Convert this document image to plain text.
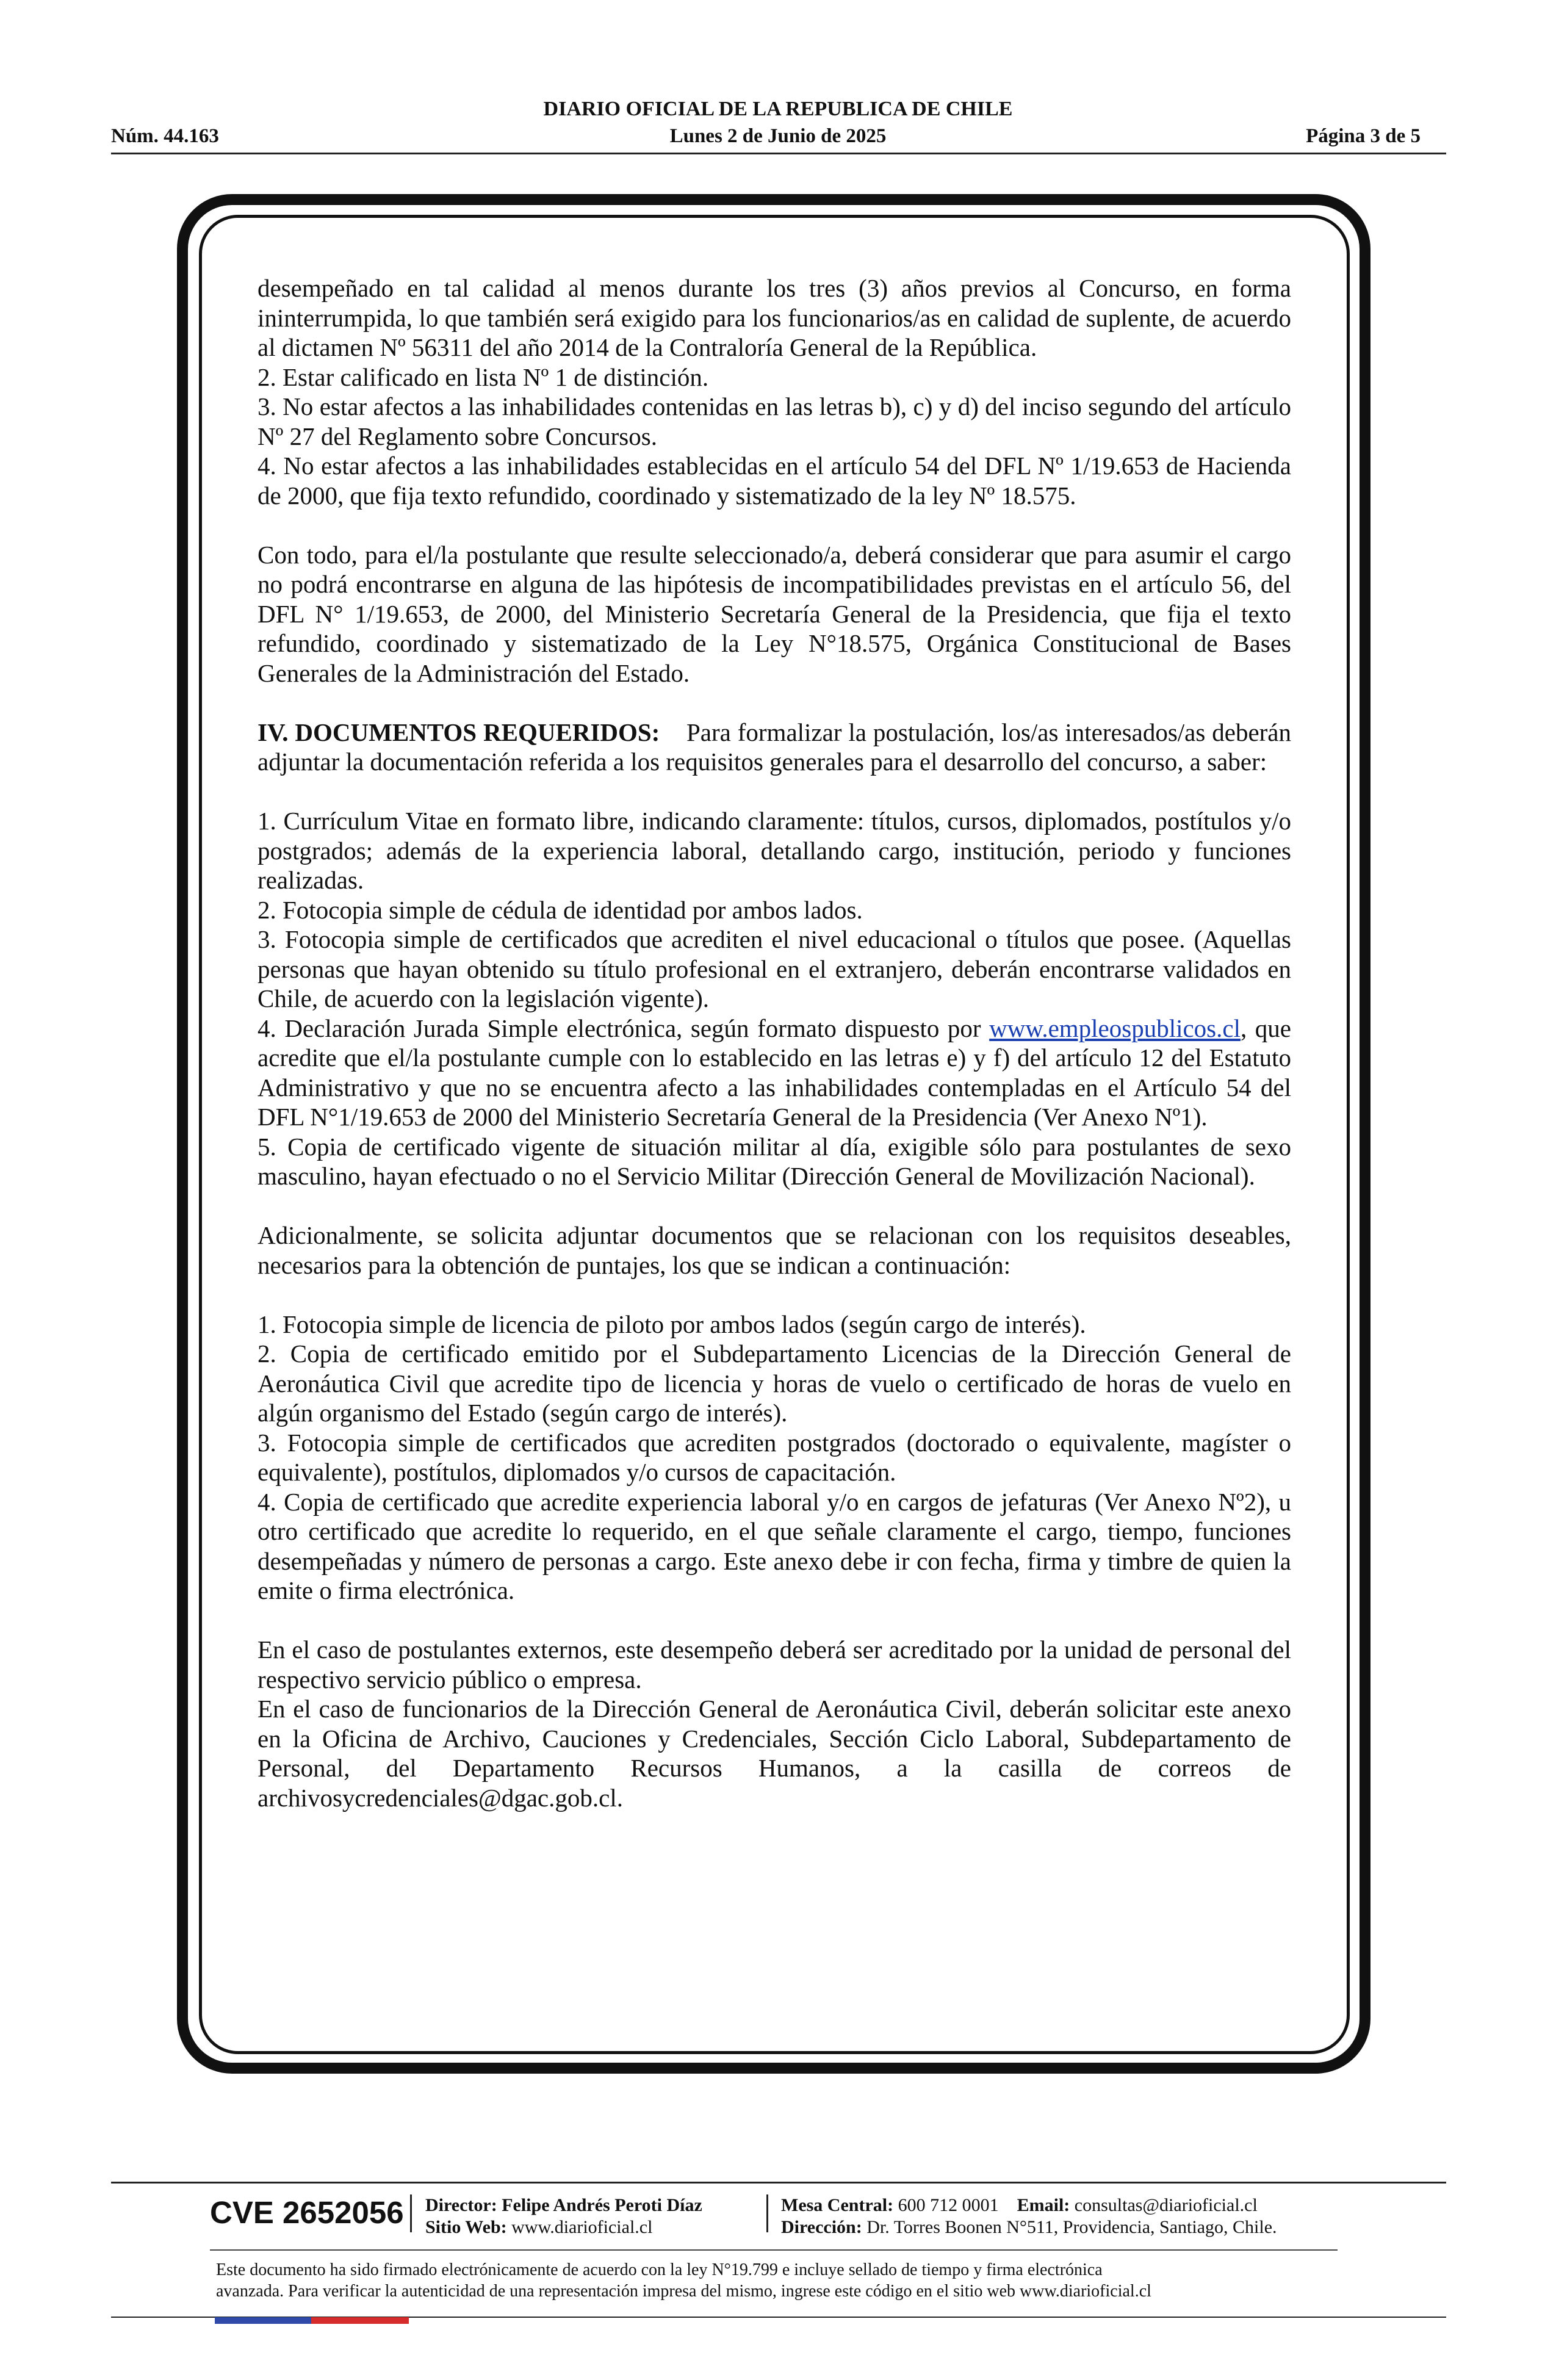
DIARIO OFICIAL DE LA REPUBLICA DE CHILE
Núm. 44.163	Lunes 2 de Junio de 2025	Página 3 de 5

desempeñado en tal calidad al menos durante los tres (3) años previos al Concurso, en forma ininterrumpida, lo que también será exigido para los funcionarios/as en calidad de suplente, de acuerdo al dictamen Nº 56311 del año 2014 de la Contraloría General de la República.
2. Estar calificado en lista Nº 1 de distinción.
3. No estar afectos a las inhabilidades contenidas en las letras b), c) y d) del inciso segundo del artículo Nº 27 del Reglamento sobre Concursos.
4. No estar afectos a las inhabilidades establecidas en el artículo 54 del DFL Nº 1/19.653 de Hacienda de 2000, que fija texto refundido, coordinado y sistematizado de la ley Nº 18.575.

Con todo, para el/la postulante que resulte seleccionado/a, deberá considerar que para asumir el cargo no podrá encontrarse en alguna de las hipótesis de incompatibilidades previstas en el artículo 56, del DFL N° 1/19.653, de 2000, del Ministerio Secretaría General de la Presidencia, que fija el texto refundido, coordinado y sistematizado de la Ley N°18.575, Orgánica Constitucional de Bases Generales de la Administración del Estado.

IV. DOCUMENTOS REQUERIDOS: Para formalizar la postulación, los/as interesados/as deberán adjuntar la documentación referida a los requisitos generales para el desarrollo del concurso, a saber:

1. Currículum Vitae en formato libre, indicando claramente: títulos, cursos, diplomados, postítulos y/o postgrados; además de la experiencia laboral, detallando cargo, institución, periodo y funciones realizadas.
2. Fotocopia simple de cédula de identidad por ambos lados.
3. Fotocopia simple de certificados que acrediten el nivel educacional o títulos que posee. (Aquellas personas que hayan obtenido su título profesional en el extranjero, deberán encontrarse validados en Chile, de acuerdo con la legislación vigente).
4. Declaración Jurada Simple electrónica, según formato dispuesto por www.empleospublicos.cl, que acredite que el/la postulante cumple con lo establecido en las letras e) y f) del artículo 12 del Estatuto Administrativo y que no se encuentra afecto a las inhabilidades contempladas en el Artículo 54 del DFL N°1/19.653 de 2000 del Ministerio Secretaría General de la Presidencia (Ver Anexo Nº1).
5. Copia de certificado vigente de situación militar al día, exigible sólo para postulantes de sexo masculino, hayan efectuado o no el Servicio Militar (Dirección General de Movilización Nacional).

Adicionalmente, se solicita adjuntar documentos que se relacionan con los requisitos deseables, necesarios para la obtención de puntajes, los que se indican a continuación:

1. Fotocopia simple de licencia de piloto por ambos lados (según cargo de interés).
2. Copia de certificado emitido por el Subdepartamento Licencias de la Dirección General de Aeronáutica Civil que acredite tipo de licencia y horas de vuelo o certificado de horas de vuelo en algún organismo del Estado (según cargo de interés).
3. Fotocopia simple de certificados que acrediten postgrados (doctorado o equivalente, magíster o equivalente), postítulos, diplomados y/o cursos de capacitación.
4. Copia de certificado que acredite experiencia laboral y/o en cargos de jefaturas (Ver Anexo Nº2), u otro certificado que acredite lo requerido, en el que señale claramente el cargo, tiempo, funciones desempeñadas y número de personas a cargo. Este anexo debe ir con fecha, firma y timbre de quien la emite o firma electrónica.

En el caso de postulantes externos, este desempeño deberá ser acreditado por la unidad de personal del respectivo servicio público o empresa.
En el caso de funcionarios de la Dirección General de Aeronáutica Civil, deberán solicitar este anexo en la Oficina de Archivo, Cauciones y Credenciales, Sección Ciclo Laboral, Subdepartamento de Personal, del Departamento Recursos Humanos, a la casilla de correos de archivosycredenciales@dgac.gob.cl.

CVE 2652056 Director: Felipe Andrés Peroti Díaz
Sitio Web: www.diarioficial.cl
Mesa Central: 600 712 0001 Email: consultas@diarioficial.cl
Dirección: Dr. Torres Boonen N°511, Providencia, Santiago, Chile.
Este documento ha sido firmado electrónicamente de acuerdo con la ley N°19.799 e incluye sellado de tiempo y firma electrónica
avanzada. Para verificar la autenticidad de una representación impresa del mismo, ingrese este código en el sitio web www.diarioficial.cl
